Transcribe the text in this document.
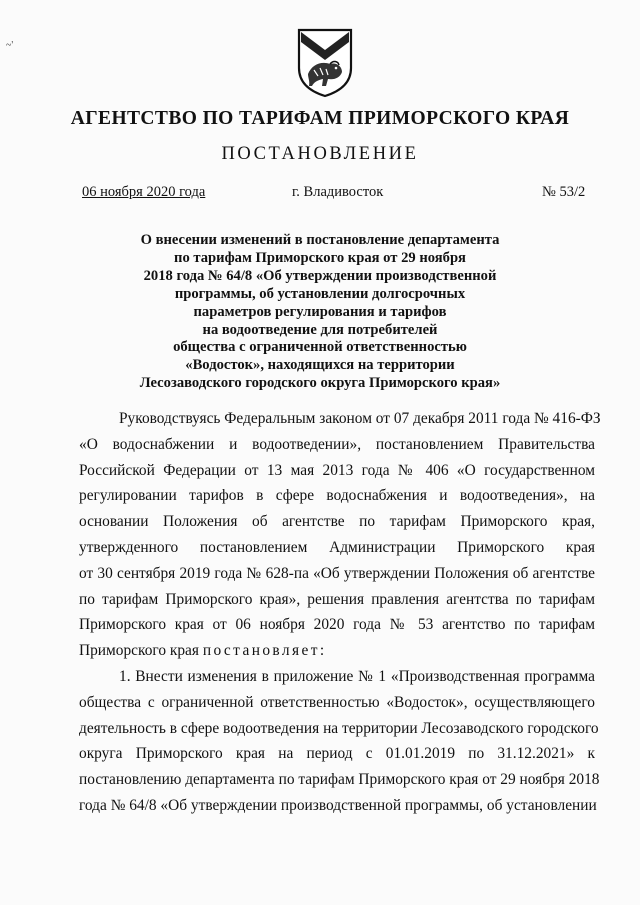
~'
АГЕНТСТВО ПО ТАРИФАМ ПРИМОРСКОГО КРАЯ
ПОСТАНОВЛЕНИЕ
06 ноября 2020 года	г. Владивосток	№ 53/2
О внесении изменений в постановление департамента
по тарифам Приморского края от 29 ноября
2018 года № 64/8 «Об утверждении производственной
программы, об установлении долгосрочных
параметров регулирования и тарифов
на водоотведение для потребителей
общества с ограниченной ответственностью
«Водосток», находящихся на территории
Лесозаводского городского округа Приморского края»
Руководствуясь Федеральным законом от 07 декабря 2011 года № 416-ФЗ
«О водоснабжении и водоотведении», постановлением Правительства
Российской Федерации от 13 мая 2013 года № 406 «О государственном
регулировании тарифов в сфере водоснабжения и водоотведения», на
основании Положения об агентстве по тарифам Приморского края,
утвержденного постановлением Администрации Приморского края
от 30 сентября 2019 года № 628-па «Об утверждении Положения об агентстве
по тарифам Приморского края», решения правления агентства по тарифам
Приморского края от 06 ноября 2020 года № 53 агентство по тарифам
Приморского края постановляет:
1. Внести изменения в приложение № 1 «Производственная программа
общества с ограниченной ответственностью «Водосток», осуществляющего
деятельность в сфере водоотведения на территории Лесозаводского городского
округа Приморского края на период с 01.01.2019 по 31.12.2021» к
постановлению департамента по тарифам Приморского края от 29 ноября 2018
года № 64/8 «Об утверждении производственной программы, об установлении
